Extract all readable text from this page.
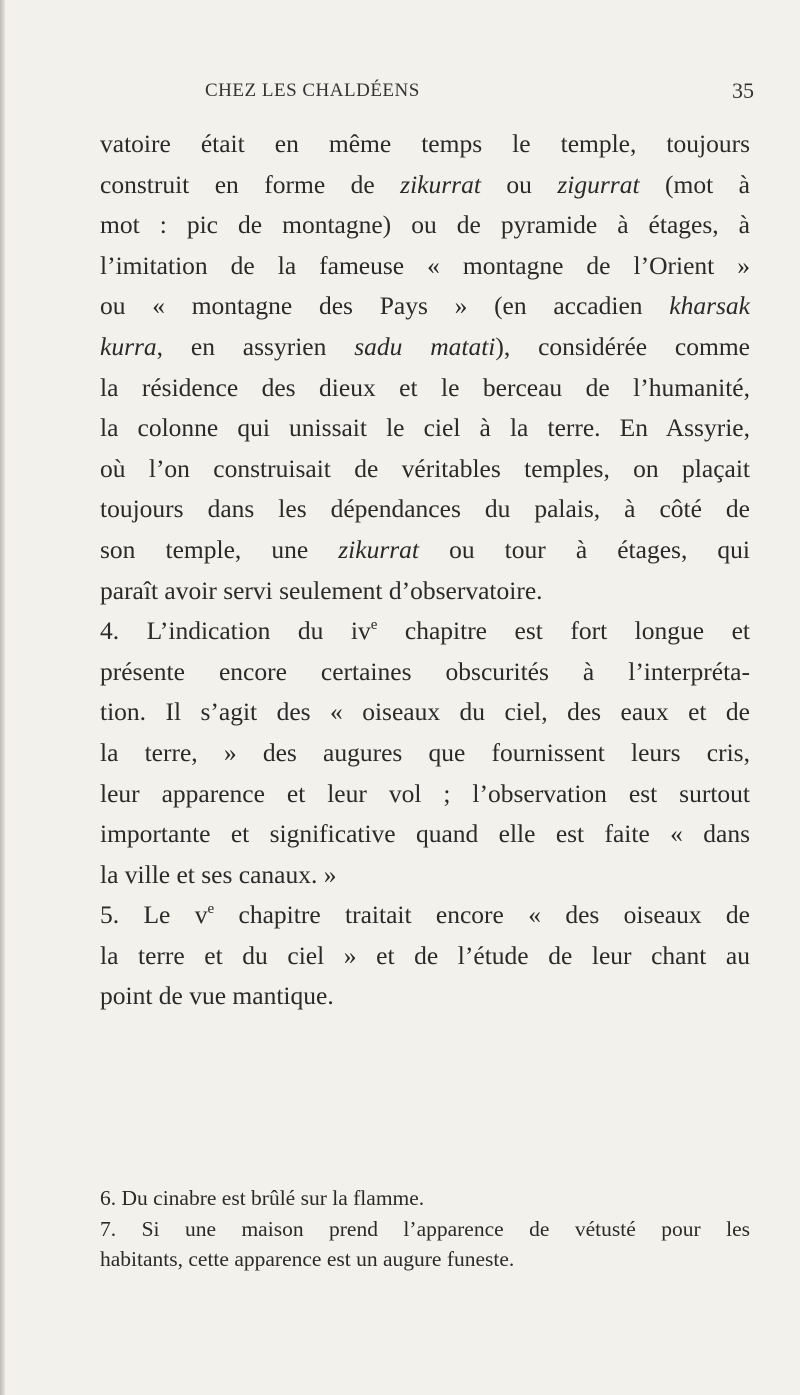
CHEZ LES CHALDÉENS	35
vatoire était en même temps le temple, toujours
construit en forme de zikurrat ou zigurrat (mot à
mot : pic de montagne) ou de pyramide à étages, à
l’imitation de la fameuse « montagne de l’Orient »
ou « montagne des Pays » (en accadien kharsak
kurra, en assyrien sadu matati), considérée comme
la résidence des dieux et le berceau de l’humanité,
la colonne qui unissait le ciel à la terre. En Assyrie,
où l’on construisait de véritables temples, on plaçait
toujours dans les dépendances du palais, à côté de
son temple, une zikurrat ou tour à étages, qui
paraît avoir servi seulement d’observatoire.
4. L’indication du $iv^e$ chapitre est fort longue et
présente encore certaines obscurités à l’interpréta-
tion. Il s’agit des « oiseaux du ciel, des eaux et de
la terre, » des augures que fournissent leurs cris,
leur apparence et leur vol ; l’observation est surtout
importante et significative quand elle est faite « dans
la ville et ses canaux. »
5. Le $v^e$ chapitre traitait encore « des oiseaux de
la terre et du ciel » et de l’étude de leur chant au
point de vue mantique.
6. Du cinabre est brûlé sur la flamme.
7. Si une maison prend l’apparence de vétusté pour les
habitants, cette apparence est un augure funeste.
